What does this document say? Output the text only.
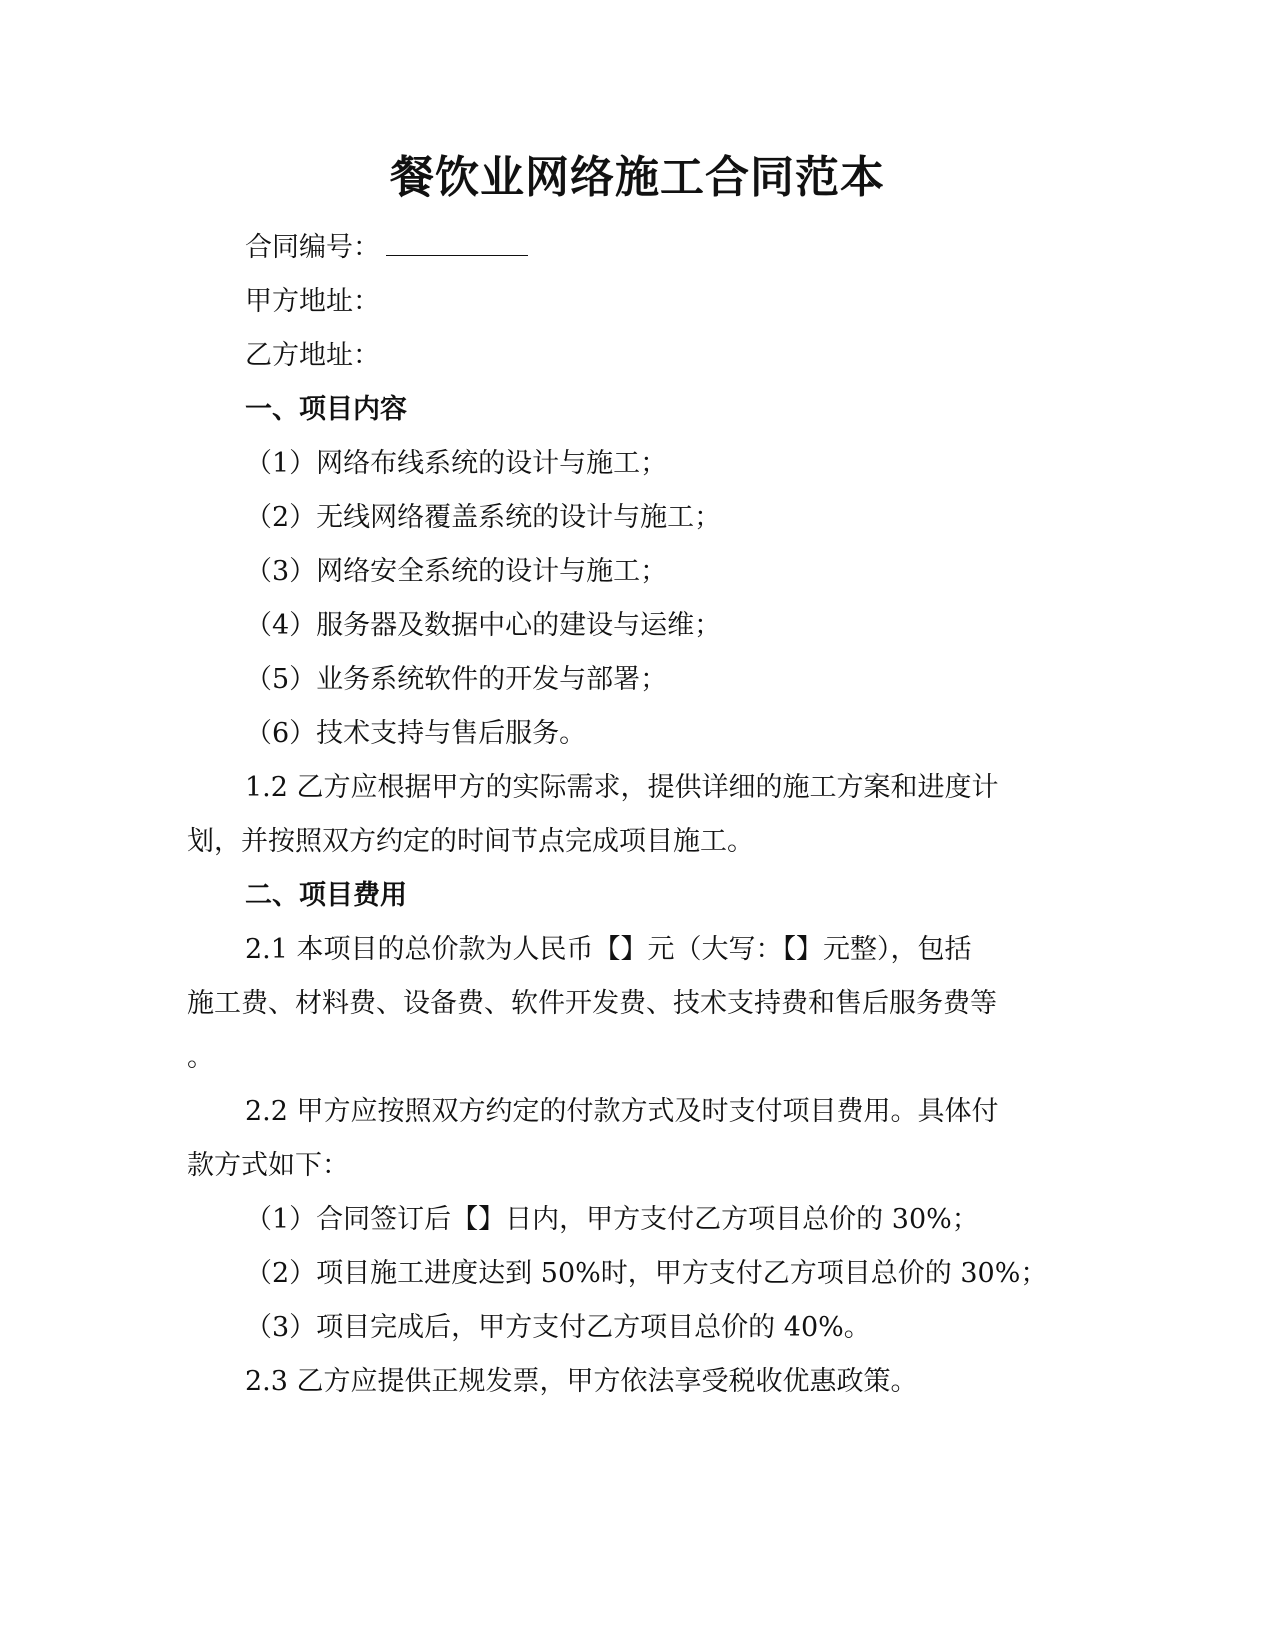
餐饮业网络施工合同范本
合同编号：
甲方地址：
乙方地址：
一、项目内容
（1）网络布线系统的设计与施工；
（2）无线网络覆盖系统的设计与施工；
（3）网络安全系统的设计与施工；
（4）服务器及数据中心的建设与运维；
（5）业务系统软件的开发与部署；
（6）技术支持与售后服务。
1.2 乙方应根据甲方的实际需求，提供详细的施工方案和进度计
划，并按照双方约定的时间节点完成项目施工。
二、项目费用
2.1 本项目的总价款为人民币【】元（大写：【】元整），包括
施工费、材料费、设备费、软件开发费、技术支持费和售后服务费等
。
2.2 甲方应按照双方约定的付款方式及时支付项目费用。具体付
款方式如下：
（1）合同签订后【】日内，甲方支付乙方项目总价的 30%；
（2）项目施工进度达到 50%时，甲方支付乙方项目总价的 30%；
（3）项目完成后，甲方支付乙方项目总价的 40%。
2.3 乙方应提供正规发票，甲方依法享受税收优惠政策。
